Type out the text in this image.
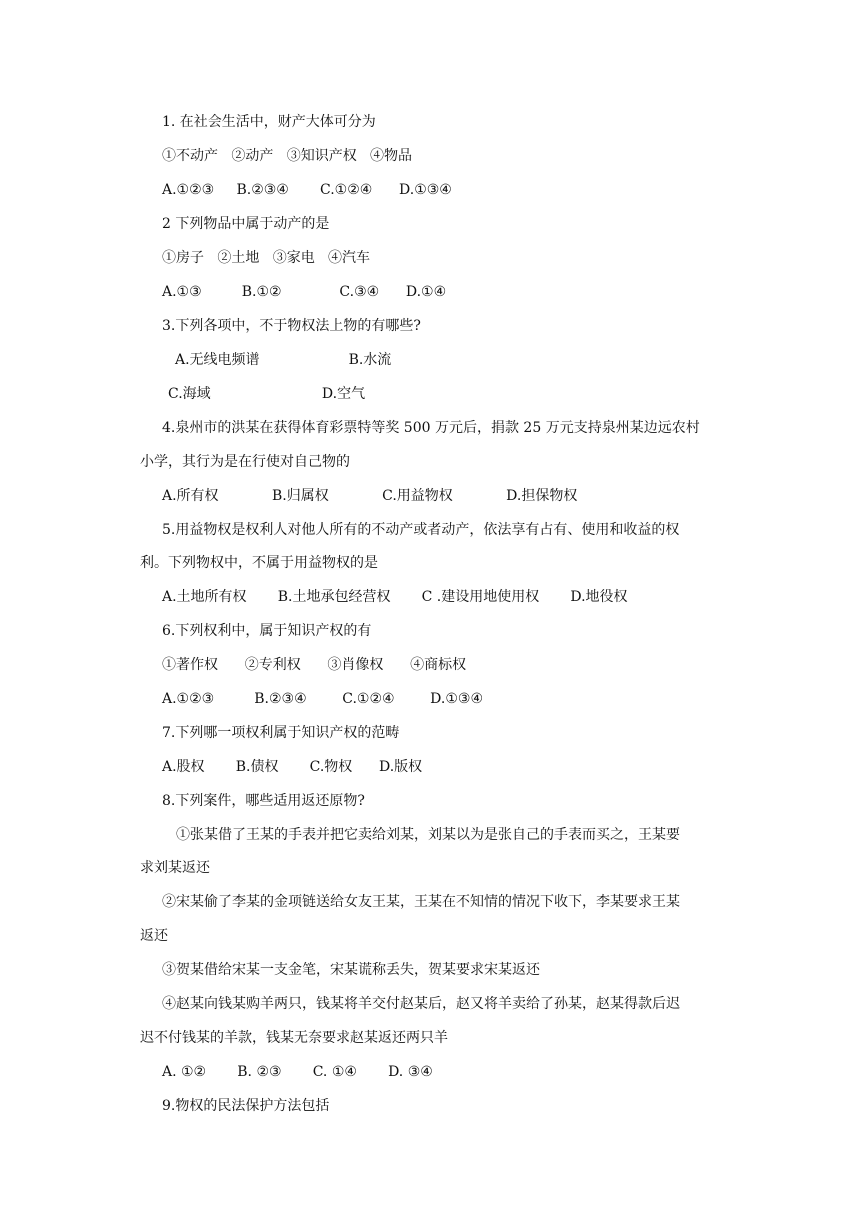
1. 在社会生活中，财产大体可分为
①不动产   ②动产   ③知识产权   ④物品
A.①②③     B.②③④       C.①②④      D.①③④
2 下列物品中属于动产的是
①房子   ②土地   ③家电   ④汽车
A.①③         B.①②             C.③④      D.①④
3.下列各项中，不于物权法上物的有哪些?
A.无线电频谱                    B.水流
C.海域                         D.空气
4.泉州市的洪某在获得体育彩票特等奖 500 万元后，捐款 25 万元支持泉州某边远农村
小学，其行为是在行使对自己物的
A.所有权            B.归属权            C.用益物权            D.担保物权
5.用益物权是权利人对他人所有的不动产或者动产，依法享有占有、使用和收益的权
利。下列物权中，不属于用益物权的是
A.土地所有权       B.土地承包经营权       C .建设用地使用权       D.地役权
6.下列权利中，属于知识产权的有
①著作权      ②专利权      ③肖像权      ④商标权
A.①②③         B.②③④        C.①②④        D.①③④
7.下列哪一项权利属于知识产权的范畴
A.股权       B.债权       C.物权      D.版权
8.下列案件，哪些适用返还原物?
①张某借了王某的手表并把它卖给刘某，刘某以为是张自己的手表而买之，王某要
求刘某返还
②宋某偷了李某的金项链送给女友王某，王某在不知情的情况下收下，李某要求王某
返还
③贺某借给宋某一支金笔，宋某谎称丢失，贺某要求宋某返还
④赵某向钱某购羊两只，钱某将羊交付赵某后，赵又将羊卖给了孙某，赵某得款后迟
迟不付钱某的羊款，钱某无奈要求赵某返还两只羊
A. ①②       B. ②③       C. ①④       D. ③④
9.物权的民法保护方法包括
